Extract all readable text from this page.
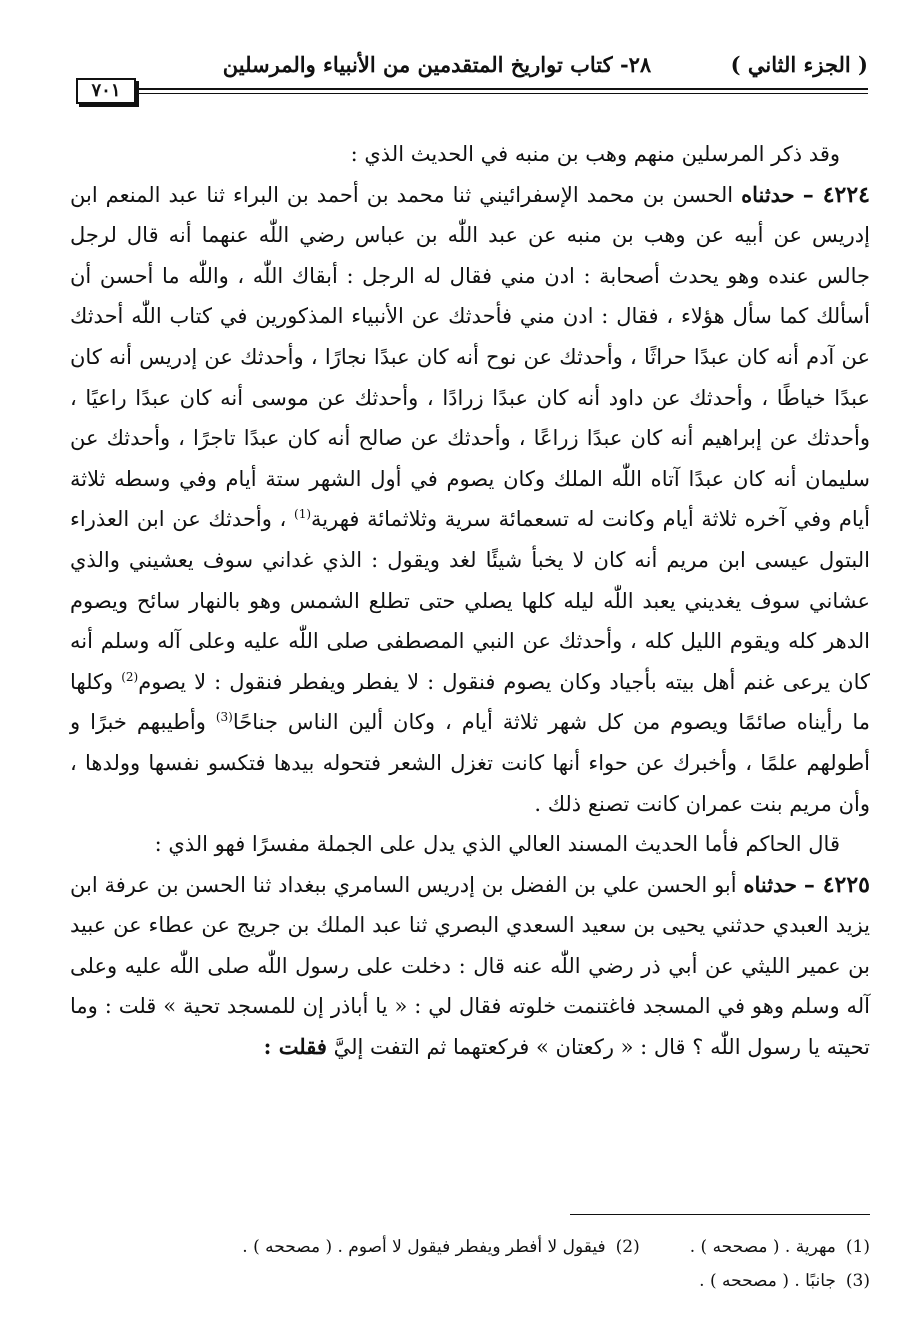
( الجزء الثاني )
٢٨- كتاب تواريخ المتقدمين من الأنبياء والمرسلين
٧٠١

وقد ذكر المرسلين منهم وهب بن منبه في الحديث الذي :

٤٢٢٤ – حدثناه الحسن بن محمد الإسفرائيني ثنا محمد بن أحمد بن البراء ثنا عبد المنعم ابن إدريس عن أبيه عن وهب بن منبه عن عبد اللّٰه بن عباس رضي اللّٰه عنهما أنه قال لرجل جالس عنده وهو يحدث أصحابة : ادن مني فقال له الرجل : أبقاك اللّٰه ، واللّٰه ما أحسن أن أسألك كما سأل هؤلاء ، فقال : ادن مني فأحدثك عن الأنبياء المذكورين في كتاب اللّٰه أحدثك عن آدم أنه كان عبدًا حراثًا ، وأحدثك عن نوح أنه كان عبدًا نجارًا ، وأحدثك عن إدريس أنه كان عبدًا خياطًا ، وأحدثك عن داود أنه كان عبدًا زرادًا ، وأحدثك عن موسى أنه كان عبدًا راعيًا ، وأحدثك عن إبراهيم أنه كان عبدًا زراعًا ، وأحدثك عن صالح أنه كان عبدًا تاجرًا ، وأحدثك عن سليمان أنه كان عبدًا آتاه اللّٰه الملك وكان يصوم في أول الشهر ستة أيام وفي وسطه ثلاثة أيام وفي آخره ثلاثة أيام وكانت له تسعمائة سرية وثلاثمائة فهرية$^{(1)}$ ، وأحدثك عن ابن العذراء البتول عيسى ابن مريم أنه كان لا يخبأ شيئًا لغد ويقول : الذي غداني سوف يعشيني والذي عشاني سوف يغديني يعبد اللّٰه ليله كلها يصلي حتى تطلع الشمس وهو بالنهار سائح ويصوم الدهر كله ويقوم الليل كله ، وأحدثك عن النبي المصطفى صلى اللّٰه عليه وعلى آله وسلم أنه كان يرعى غنم أهل بيته بأجياد وكان يصوم فنقول : لا يفطر ويفطر فنقول : لا يصوم$^{(2)}$ وكلها ما رأيناه صائمًا ويصوم من كل شهر ثلاثة أيام ، وكان ألين الناس جناحًا$^{(3)}$ وأطيبهم خبرًا و أطولهم علمًا ، وأخبرك عن حواء أنها كانت تغزل الشعر فتحوله بيدها فتكسو نفسها وولدها ، وأن مريم بنت عمران كانت تصنع ذلك .

قال الحاكم فأما الحديث المسند العالي الذي يدل على الجملة مفسرًا فهو الذي :

٤٢٢٥ – حدثناه أبو الحسن علي بن الفضل بن إدريس السامري ببغداد ثنا الحسن بن عرفة ابن يزيد العبدي حدثني يحيى بن سعيد السعدي البصري ثنا عبد الملك بن جريج عن عطاء عن عبيد بن عمير الليثي عن أبي ذر رضي اللّٰه عنه قال : دخلت على رسول اللّٰه صلى اللّٰه عليه وعلى آله وسلم وهو في المسجد فاغتنمت خلوته فقال لي : « يا أباذر إن للمسجد تحية » قلت : وما تحيته يا رسول اللّٰه ؟ قال : « ركعتان » فركعتهما ثم التفت إليَّ فقلت :

(1)مهرية . ( مصححه ) .
(2)فيقول لا أفطر ويفطر فيقول لا أصوم . ( مصححه ) .
(3)جانبًا . ( مصححه ) .
